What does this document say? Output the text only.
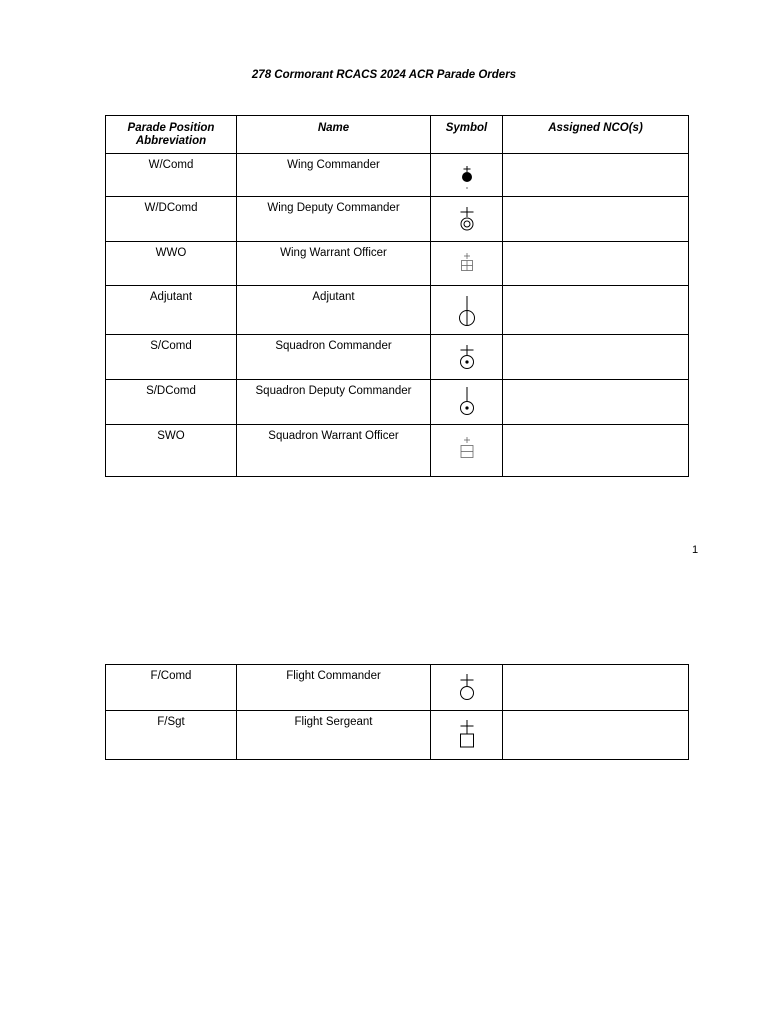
278 Cormorant RCACS 2024 ACR Parade Orders
Parade Position Abbreviation	Name	Symbol	Assigned NCO(s)
W/Comd	Wing Commander	

W/DComd	Wing Deputy Commander	

WWO	Wing Warrant Officer	

Adjutant	Adjutant	

S/Comd	Squadron Commander	

S/DComd	Squadron Deputy Commander	

SWO	Squadron Warrant Officer	

1
F/Comd	Flight Commander	

F/Sgt	Flight Sergeant	
